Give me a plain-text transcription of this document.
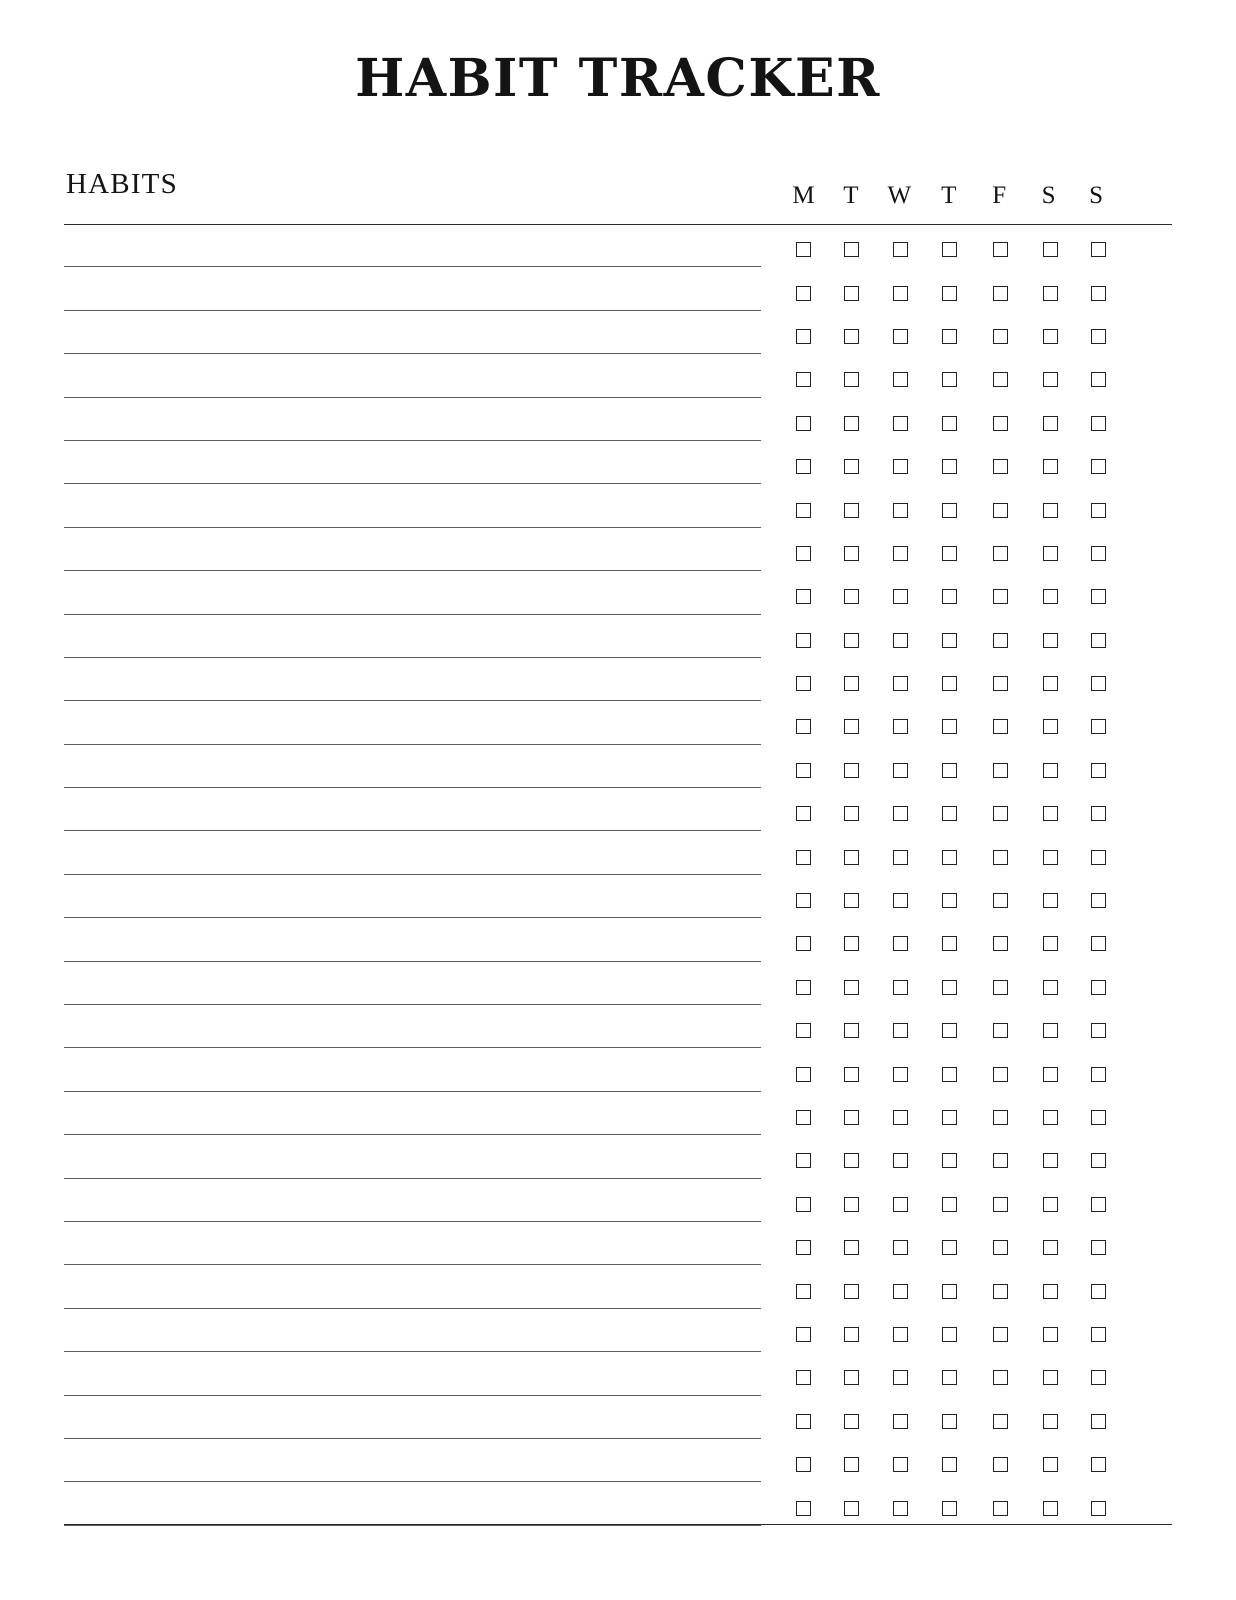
HABIT TRACKER
HABITS	M	T	W	T	F	S	S
